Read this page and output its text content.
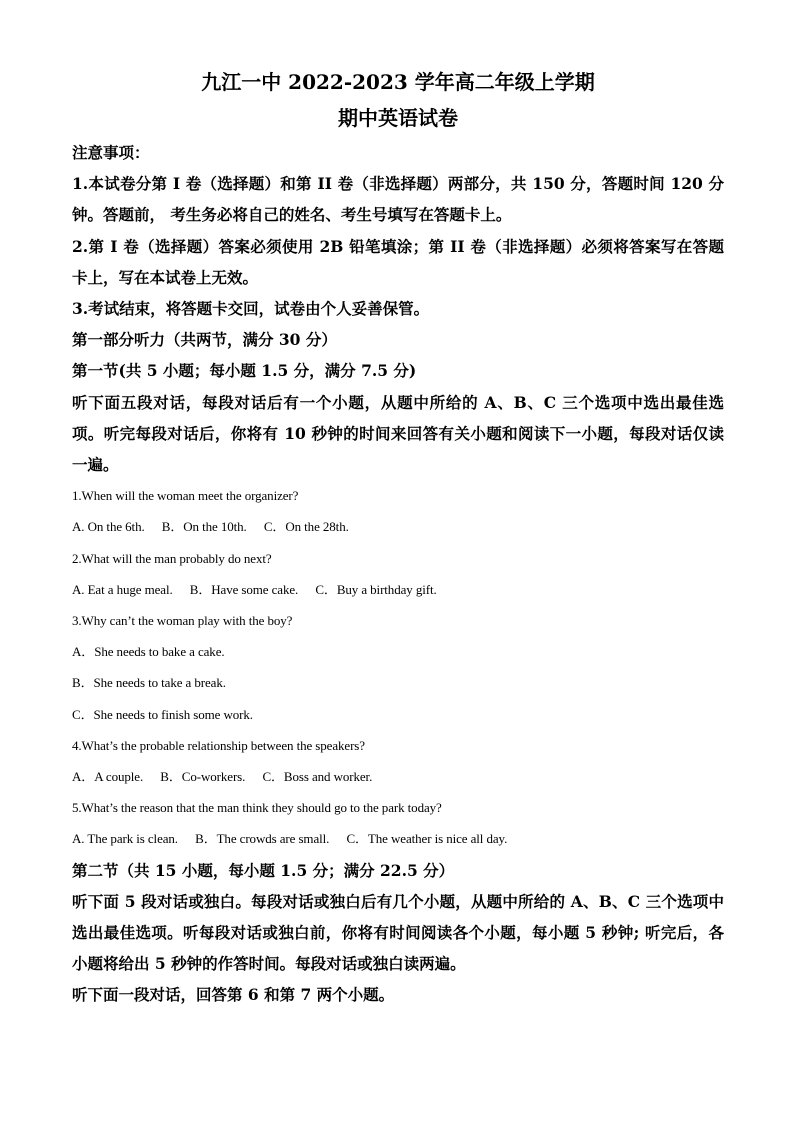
九江一中 2022-2023 学年高二年级上学期

期中英语试卷

注意事项：

1.本试卷分第 I 卷（选择题）和第 II 卷（非选择题）两部分，共 150 分，答题时间 120 分钟。答题前， 考生务必将自己的姓名、考生号填写在答题卡上。

2.第 I 卷（选择题）答案必须使用 2B 铅笔填涂；第 II 卷（非选择题）必须将答案写在答题卡上，写在本试卷上无效。

3.考试结束，将答题卡交回，试卷由个人妥善保管。

第一部分听力（共两节，满分 30 分）

第一节(共 5 小题；每小题 1.5 分，满分 7.5 分)

听下面五段对话，每段对话后有一个小题，从题中所给的 A、B、C 三个选项中选出最佳选项。听完每段对话后，你将有 10 秒钟的时间来回答有关小题和阅读下一小题，每段对话仅读一遍。

1.When will the woman meet the organizer?

A. On the 6th. B．On the 10th. C．On the 28th.

2.What will the man probably do next?

A. Eat a huge meal. B．Have some cake. C．Buy a birthday gift.

3.Why can’t the woman play with the boy?

A．She needs to bake a cake.

B．She needs to take a break.

C．She needs to finish some work.

4.What’s the probable relationship between the speakers?

A．A couple. B．Co-workers. C．Boss and worker.

5.What’s the reason that the man think they should go to the park today?

A. The park is clean. B．The crowds are small. C．The weather is nice all day.

第二节（共 15 小题，每小题 1.5 分；满分 22.5 分）

听下面 5 段对话或独白。每段对话或独白后有几个小题，从题中所给的 A、B、C 三个选项中选出最佳选项。听每段对话或独白前，你将有时间阅读各个小题，每小题 5 秒钟; 听完后，各小题将给出 5 秒钟的作答时间。每段对话或独白读两遍。

听下面一段对话，回答第 6 和第 7 两个小题。
